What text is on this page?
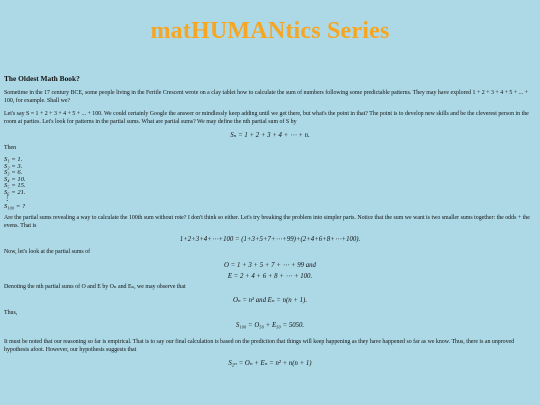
matHUMANtics Series
The Oldest Math Book?

Sometime in the 17 century BCE, some people living in the Fertile Crescent wrote on a clay tablet how to calculate the sum of numbers following some predictable patterns. They may have explored 1 + 2 + 3 + 4 + 5 + ... + 100, for example. Shall we?

Let's say S = 1 + 2 + 3 + 4 + 5 + ... + 100. We could certainly Google the answer or mindlessly keep adding until we get there, but what's the point in that? The point is to develop new skills and be the cleverest person in the room at parties. Let's look for patterns in the partial sums. What are partial sums? We may define the nth partial sum of S by

Sₙ = 1 + 2 + 3 + 4 + ⋯ + n.

Then

S₁ = 1.
S₂ = 3.
S₃ = 6.
S₄ = 10.
S₅ = 15.
S₆ = 21.
⋮
S₁₀₀ = ?

Are the partial sums revealing a way to calculate the 100th sum without rote? I don't think so either. Let's try breaking the problem into simpler parts. Notice that the sum we want is two smaller sums together: the odds + the evens. That is

1+2+3+4+⋯+100 = (1+3+5+7+⋯+99)+(2+4+6+8+⋯+100).

Now, let's look at the partial sums of

O = 1 + 3 + 5 + 7 + ⋯ + 99 and
E = 2 + 4 + 6 + 8 + ⋯ + 100.

Denoting the nth partial sums of O and E by Oₙ and Eₙ, we may observe that

Oₙ = n² and Eₙ = n(n + 1).

Thus,

S₁₀₀ = O₅₀ + E₅₀ = 5050.

It must be noted that our reasoning so far is empirical. That is to say our final calculation is based on the prediction that things will keep happening as they have happened so far as we know. Thus, there is an unproved hypothesis afoot. However, our hypothesis suggests that

S₂ₙ = Oₙ + Eₙ = n² + n(n + 1)
